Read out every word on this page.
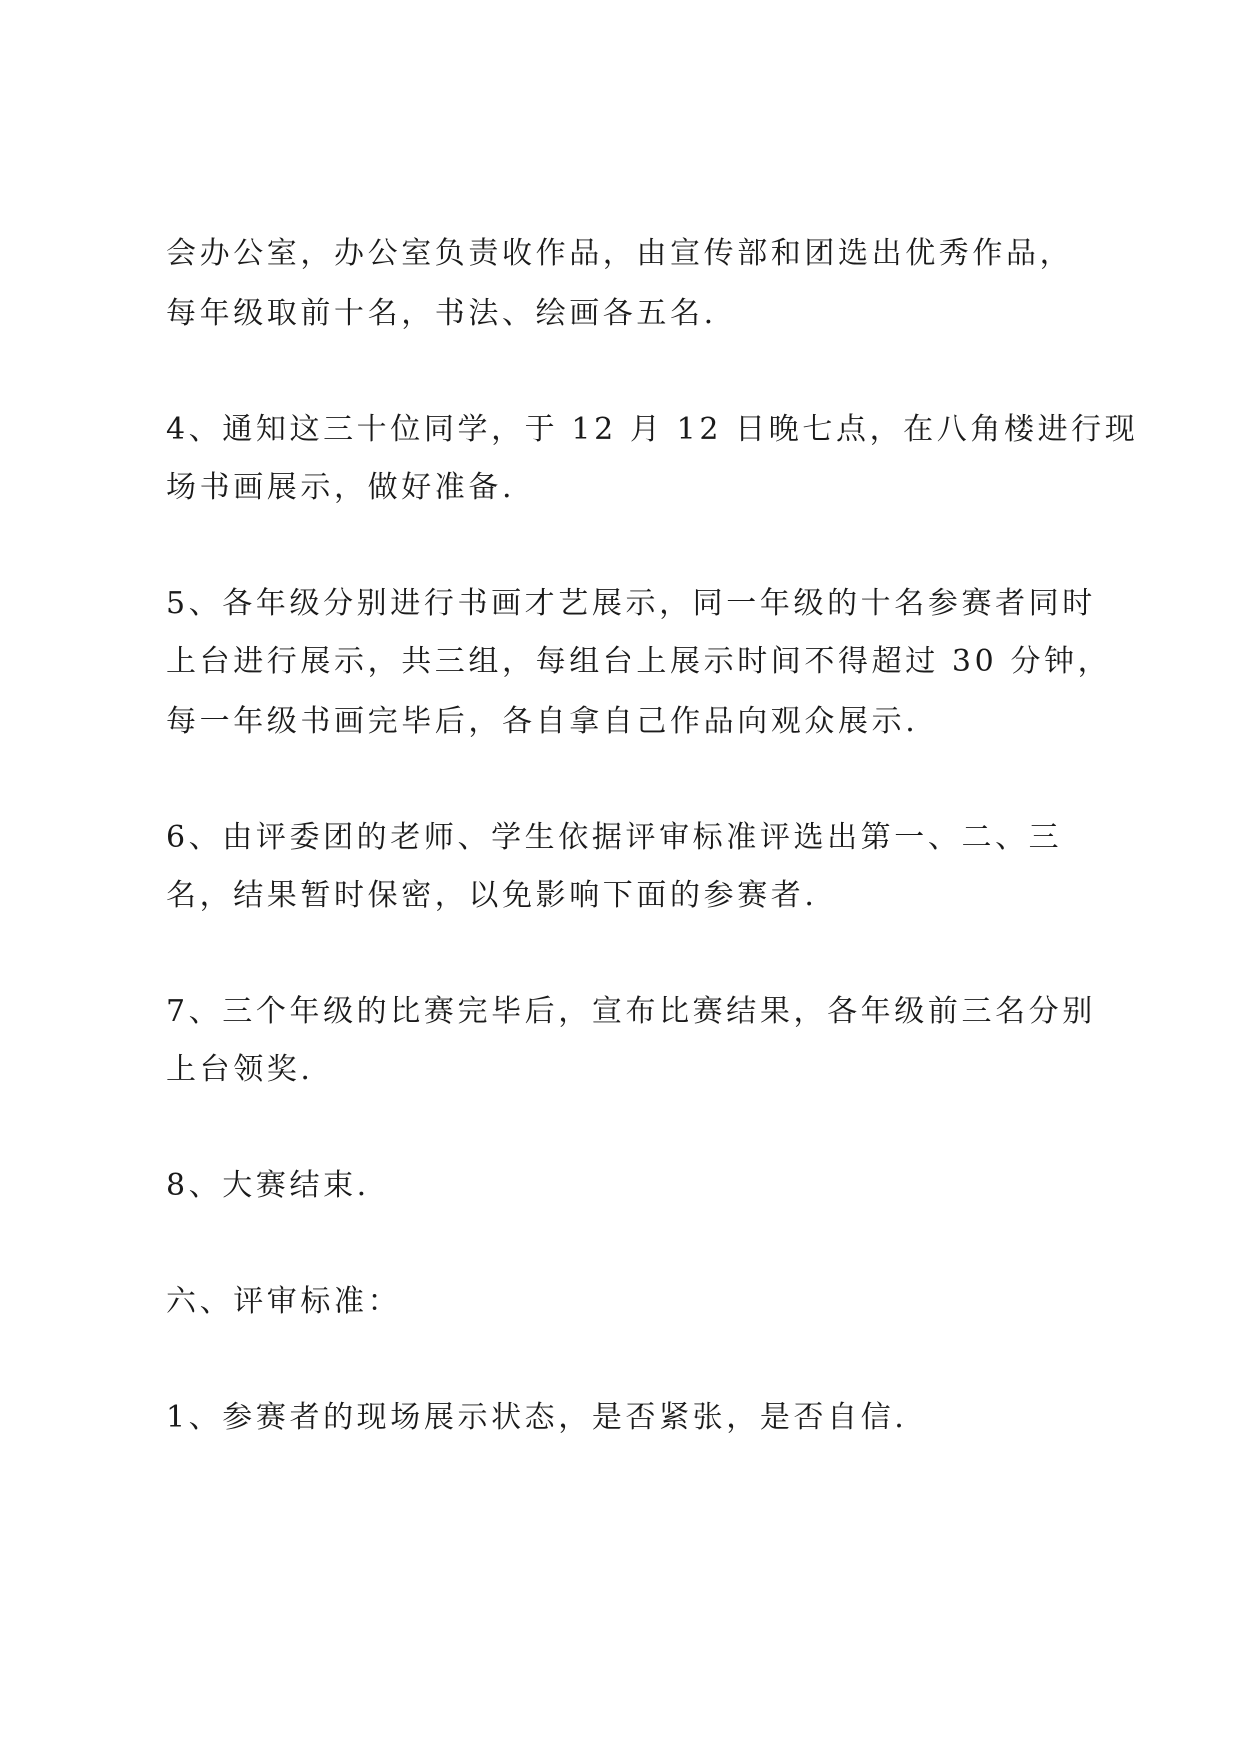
会办公室，办公室负责收作品，由宣传部和团选出优秀作品，

每年级取前十名，书法、绘画各五名.

4、通知这三十位同学，于 12 月 12 日晚七点，在八角楼进行现

场书画展示，做好准备.

5、各年级分别进行书画才艺展示，同一年级的十名参赛者同时

上台进行展示，共三组，每组台上展示时间不得超过 30 分钟，

每一年级书画完毕后，各自拿自己作品向观众展示.

6、由评委团的老师、学生依据评审标准评选出第一、二、三

名，结果暂时保密，以免影响下面的参赛者.

7、三个年级的比赛完毕后，宣布比赛结果，各年级前三名分别

上台领奖.

8、大赛结束.

六、评审标准：

1、参赛者的现场展示状态，是否紧张，是否自信.
